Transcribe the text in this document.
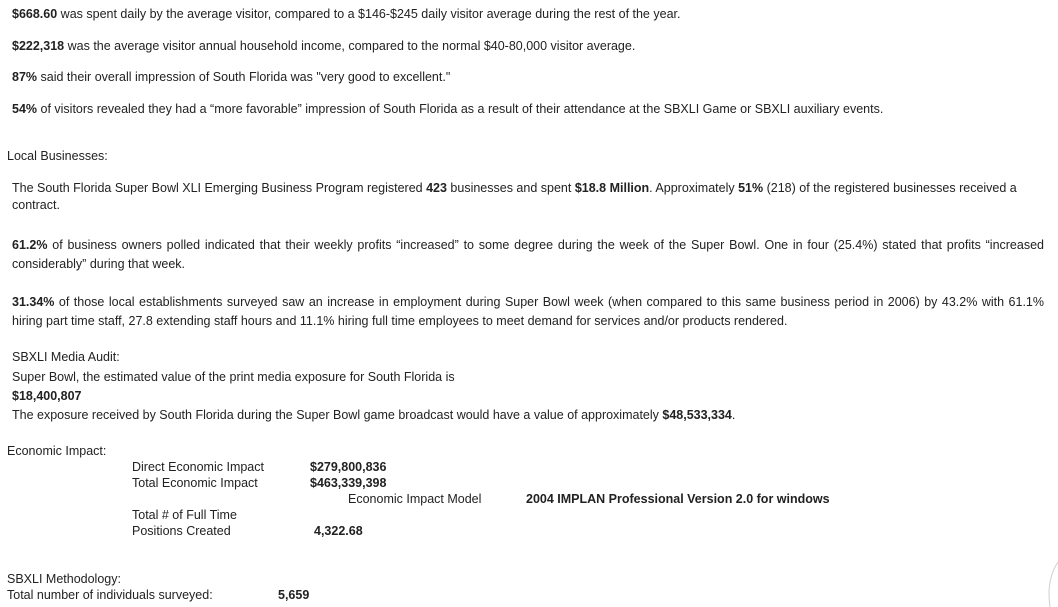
$668.60 was spent daily by the average visitor, compared to a $146-$245 daily visitor average during the rest of the year.
$222,318 was the average visitor annual household income, compared to the normal $40-80,000 visitor average.
87% said their overall impression of South Florida was "very good to excellent."
54% of visitors revealed they had a “more favorable” impression of South Florida as a result of their attendance at the SBXLI Game or SBXLI auxiliary events.
Local Businesses:
The South Florida Super Bowl XLI Emerging Business Program registered 423 businesses and spent $18.8 Million. Approximately 51% (218) of the registered businesses received a contract.
61.2% of business owners polled indicated that their weekly profits “increased” to some degree during the week of the Super Bowl. One in four (25.4%) stated that profits “increased considerably” during that week.
31.34% of those local establishments surveyed saw an increase in employment during Super Bowl week (when compared to this same business period in 2006) by 43.2% with 61.1% hiring part time staff, 27.8 extending staff hours and 11.1% hiring full time employees to meet demand for services and/or products rendered.
SBXLI Media Audit:
Super Bowl, the estimated value of the print media exposure for South Florida is
$18,400,807
The exposure received by South Florida during the Super Bowl game broadcast would have a value of approximately $48,533,334.
Economic Impact:
Direct Economic Impact	$279,800,836
Total Economic Impact	$463,339,398
Economic Impact Model	2004 IMPLAN Professional Version 2.0 for windows
Total # of Full Time
Positions Created	4,322.68
SBXLI Methodology:
Total number of individuals surveyed:	5,659
